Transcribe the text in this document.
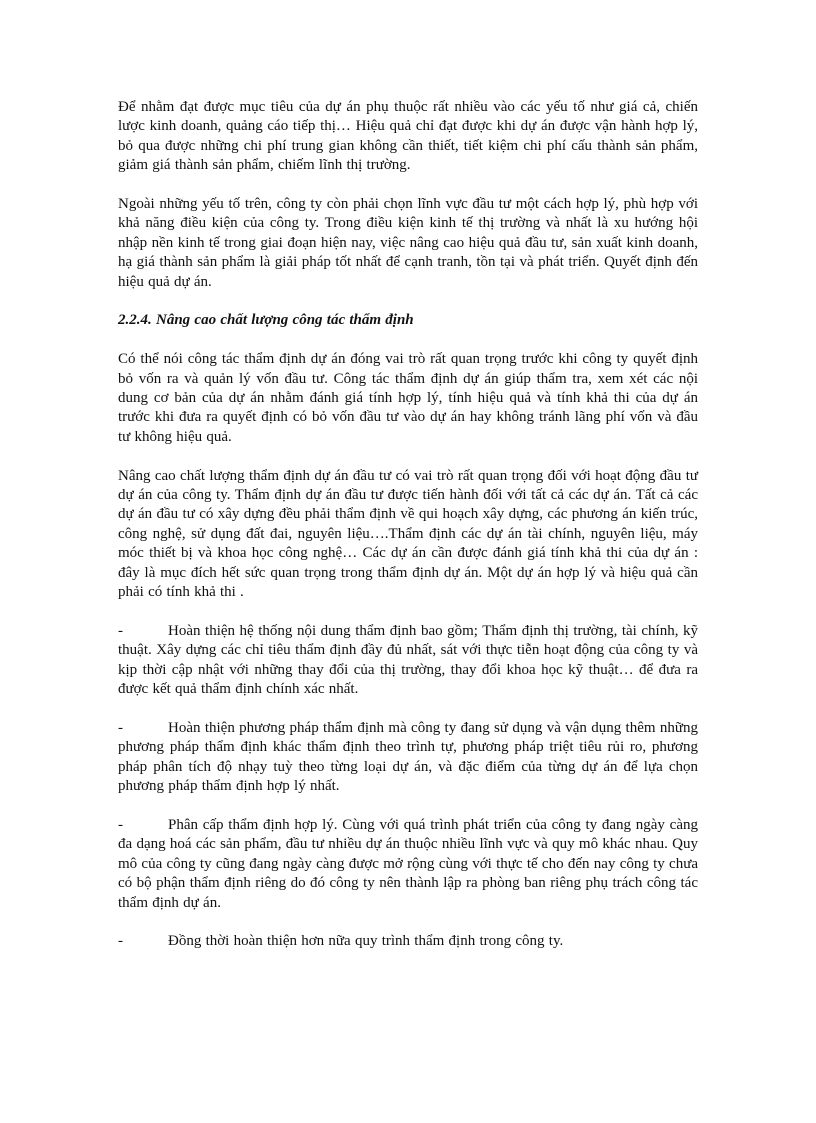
Để nhằm đạt được mục tiêu của dự án phụ thuộc rất nhiều vào các yếu tố như giá cả, chiến lược kinh doanh, quảng cáo tiếp thị… Hiệu quả chỉ đạt được khi dự án được vận hành hợp lý, bỏ qua được những chi phí trung gian không cần thiết, tiết kiệm chi phí cấu thành sản phẩm, giảm giá thành sản phẩm, chiếm lĩnh thị trường.

Ngoài những yếu tố trên, công ty còn phải chọn lĩnh vực đầu tư một cách hợp lý, phù hợp với khả năng điều kiện của công ty. Trong điều kiện kinh tế thị trường và nhất là xu hướng hội nhập nền kinh tế trong giai đoạn hiện nay, việc nâng cao hiệu quả đầu tư, sản xuất kinh doanh, hạ giá thành sản phẩm là giải pháp tốt nhất để cạnh tranh, tồn tại và phát triển. Quyết định đến hiệu quả dự án.

2.2.4. Nâng cao chất lượng công tác thẩm định

Có thể nói công tác thẩm định dự án đóng vai trò rất quan trọng trước khi công ty quyết định bỏ vốn ra và quản lý vốn đầu tư. Công tác thẩm định dự án giúp thẩm tra, xem xét các nội dung cơ bản của dự án nhằm đánh giá tính hợp lý, tính hiệu quả và tính khả thi của dự án trước khi đưa ra quyết định có bỏ vốn đầu tư vào dự án hay không tránh lãng phí vốn và đầu tư không hiệu quả.

Nâng cao chất lượng thẩm định dự án đầu tư có vai trò rất quan trọng đối với hoạt động đầu tư dự án của công ty. Thẩm định dự án đầu tư được tiến hành đối với tất cả các dự án. Tất cả các dự án đầu tư có xây dựng đều phải thẩm định về qui hoạch xây dựng, các phương án kiến trúc, công nghệ, sử dụng đất đai, nguyên liệu….Thẩm định các dự án tài chính, nguyên liệu, máy móc thiết bị và khoa học công nghệ… Các dự án cần được đánh giá tính khả thi của dự án : đây là mục đích hết sức quan trọng trong thẩm định dự án. Một dự án hợp lý và hiệu quả cần phải có tính khả thi .

-	Hoàn thiện hệ thống nội dung thẩm định bao gồm; Thẩm định thị trường, tài chính, kỹ thuật. Xây dựng các chỉ tiêu thẩm định đầy đủ nhất, sát với thực tiễn hoạt động của công ty và kịp thời cập nhật với những thay đổi của thị trường, thay đổi khoa học kỹ thuật… để đưa ra được kết quả thẩm định chính xác nhất.

-	Hoàn thiện phương pháp thẩm định mà công ty đang sử dụng và vận dụng thêm những phương pháp thẩm định khác thẩm định theo trình tự, phương pháp triệt tiêu rủi ro, phương pháp phân tích độ nhạy tuỳ theo từng loại dự án, và đặc điểm của từng dự án để lựa chọn phương pháp thẩm định hợp lý nhất.

-	Phân cấp thẩm định hợp lý. Cùng với quá trình phát triển của công ty đang ngày càng đa dạng hoá các sản phẩm, đầu tư nhiều dự án thuộc nhiều lĩnh vực và quy mô khác nhau. Quy mô của công ty cũng đang ngày càng được mở rộng cùng với thực tế cho đến nay công ty chưa có bộ phận thẩm định riêng do đó công ty nên thành lập ra phòng ban riêng phụ trách công tác thẩm định dự án.

-	Đồng thời hoàn thiện hơn nữa quy trình thẩm định trong công ty.
